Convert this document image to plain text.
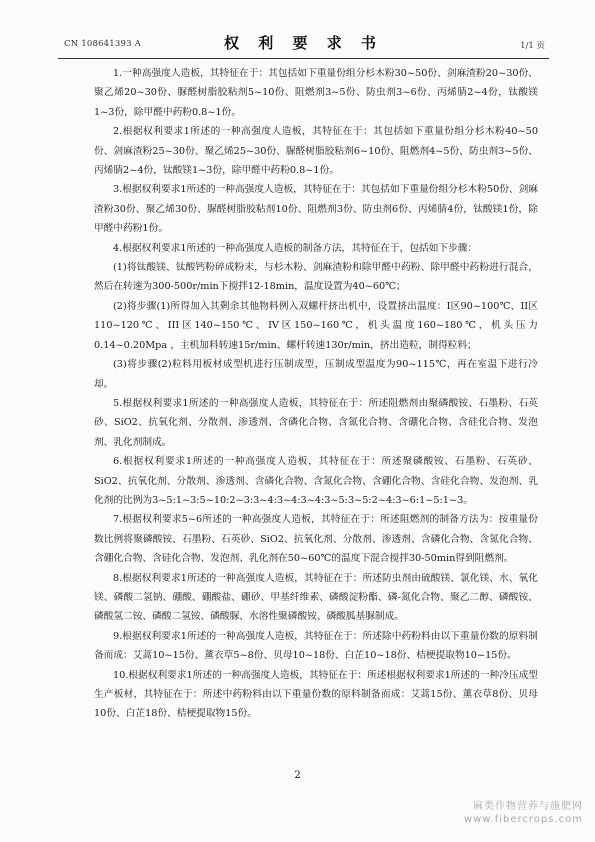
CN 108641393 A	权 利 要 求 书	1/1 页

1.一种高强度人造板，其特征在于：其包括如下重量份组分杉木粉30~50份、剑麻渣粉20~30份、聚乙烯20~30份、脲醛树脂胶粘剂5~10份、阻燃剂3~5份、防虫剂3~6份、丙烯腈2~4份，钛酸镁1~3份，除甲醛中药粉0.8~1份。

2.根据权利要求1所述的一种高强度人造板，其特征在于：其包括如下重量份组分杉木粉40~50份、剑麻渣粉25~30份、聚乙烯25~30份、脲醛树脂胶粘剂6~10份、阻燃剂4~5份、防虫剂3~5份、丙烯腈2~4份，钛酸镁1~3份，除甲醛中药粉0.8~1份。

3.根据权利要求1所述的一种高强度人造板，其特征在于：其包括如下重量份组分杉木粉50份、剑麻渣粉30份、聚乙烯30份、脲醛树脂胶粘剂10份、阻燃剂3份、防虫剂6份、丙烯腈4份，钛酸镁1份，除甲醛中药粉1份。

4.根据权利要求1所述的一种高强度人造板的制备方法，其特征在于，包括如下步骤：

(1)将钛酸镁、钛酸钙粉碎成粉末，与杉木粉、剑麻渣粉和除甲醛中药粉、除甲醛中药粉进行混合，然后在转速为300-500r/min下搅拌12-18min，温度设置为40~60℃；

(2)将步骤(1)所得加入其剩余其他物料例入双螺杆挤出机中，设置挤出温度：I区90~100℃、II区110~120℃、III区140~150℃、IV区150~160℃，机头温度160~180℃，机头压力0.14~0.20Mpa ，主机加料转速15r/min、螺杆转速130r/min，挤出造粒，制得粒料；

(3)将步骤(2)粒料用板材成型机进行压制成型，压制成型温度为90~115℃，再在室温下进行冷却。

5.根据权利要求1所述的一种高强度人造板，其特征在于：所述阻燃剂由聚磷酸铵、石墨粉、石英砂、SiO2、抗氧化剂、分散剂、渗透剂、含磷化合物、含氮化合物、含硼化合物、含硅化合物、发泡剂、乳化剂制成。

6.根据权利要求1所述的一种高强度人造板，其特征在于：所述聚磷酸铵、石墨粉、石英砂、SiO2、抗氧化剂、分散剂、渗透剂、含磷化合物、含氮化合物、含硼化合物、含硅化合物、发泡剂、乳化剂的比例为3~5:1~3:5~10:2~3:3~4:3~4:3~4:3~5:3~5:2~4:3~6:1~5:1~3。

7.根据权利要求5~6所述的一种高强度人造板，其特征在于：所述阻燃剂的制备方法为：按重量份数比例将聚磷酸铵、石墨粉、石英砂、SiO2、抗氧化剂、分散剂、渗透剂、含磷化合物、含氮化合物、含硼化合物、含硅化合物、发泡剂、乳化剂在50~60℃的温度下混合搅拌30-50min得到阻燃剂。

8.根据权利要求1所述的一种高强度人造板，其特征在于：所述防虫剂由硫酸镁、氯化镁、水、氧化镁、磷酸二氢钠、硼酸、硼酸盐、硼砂、甲基纤维素、磷酸淀粉酯、磷-氮化合物、聚乙二醇、磷酸铵、磷酸氢二铵、磷酸二氢铵、磷酸脲、水溶性聚磷酸铵、磷酸胍基脲制成。

9.根据权利要求1所述的一种高强度人造板，其特征在于：所述除中药粉料由以下重量份数的原料制备而成：艾蒿10~15份、薰衣草5~8份、贝母10~18份、白芷10~18份、桔梗提取物10~15份。

10.根据权利要求1所述的一种高强度人造板，其特征在于：所述根据权利要求1所述的一种冷压成型生产板材，其特征在于：所述中药粉料由以下重量份数的原料制备而成：艾蒿15份、薰衣草8份、贝母10份、白芷18份、桔梗提取物15份。

2
麻类作物营养与施肥网
www.fibercrops.com
